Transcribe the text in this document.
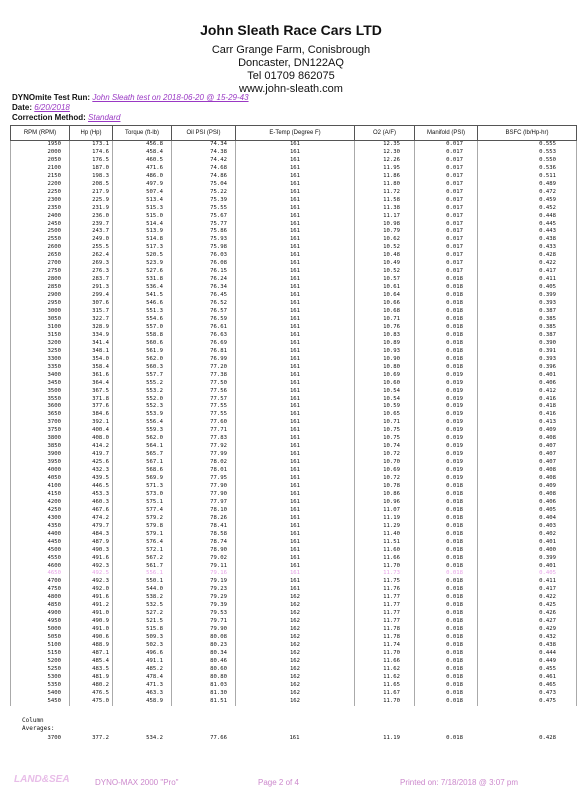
John Sleath Race Cars LTD
Carr Grange Farm, Conisbrough
Doncaster, DN122AQ
Tel 01709 862075
www.john-sleath.com
DYNOmite Test Run: John Sleath test on 2018-06-20 @ 15-29-43
Date: 6/20/2018
Correction Method: Standard
RPM (RPM)	Hp (Hp)	Torque (ft-lb)	Oil PSI (PSI)	E-Temp (Degree F)	O2 (A/F)	Manifold (PSI)	BSFC (lb/Hp-hr)
1950	173.1	456.8	74.34	161	12.35	0.017	0.555
2000	174.6	458.4	74.38	161	12.30	0.017	0.553
2050	176.5	460.5	74.42	161	12.26	0.017	0.550
2100	187.0	471.6	74.68	161	11.95	0.017	0.536
2150	198.3	486.0	74.86	161	11.86	0.017	0.511
2200	208.5	497.9	75.04	161	11.80	0.017	0.489
2250	217.9	507.4	75.22	161	11.72	0.017	0.472
2300	225.9	513.4	75.39	161	11.58	0.017	0.459
2350	231.9	515.3	75.55	161	11.38	0.017	0.452
2400	236.0	515.0	75.67	161	11.17	0.017	0.448
2450	239.7	514.4	75.77	161	10.98	0.017	0.445
2500	243.7	513.9	75.86	161	10.79	0.017	0.443
2550	249.0	514.8	75.93	161	10.62	0.017	0.438
2600	255.5	517.3	75.98	161	10.52	0.017	0.433
2650	262.4	520.5	76.03	161	10.48	0.017	0.428
2700	269.3	523.9	76.08	161	10.49	0.017	0.422
2750	276.3	527.6	76.15	161	10.52	0.017	0.417
2800	283.7	531.8	76.24	161	10.57	0.018	0.411
2850	291.3	536.4	76.34	161	10.61	0.018	0.405
2900	299.4	541.5	76.45	161	10.64	0.018	0.399
2950	307.6	546.6	76.52	161	10.66	0.018	0.393
3000	315.7	551.3	76.57	161	10.68	0.018	0.387
3050	322.7	554.6	76.59	161	10.71	0.018	0.385
3100	328.9	557.0	76.61	161	10.76	0.018	0.385
3150	334.9	558.8	76.63	161	10.83	0.018	0.387
3200	341.4	560.6	76.69	161	10.89	0.018	0.390
3250	348.1	561.9	76.81	161	10.93	0.018	0.391
3300	354.0	562.0	76.99	161	10.90	0.018	0.393
3350	358.4	560.3	77.20	161	10.80	0.018	0.396
3400	361.6	557.7	77.38	161	10.69	0.019	0.401
3450	364.4	555.2	77.50	161	10.60	0.019	0.406
3500	367.5	553.2	77.56	161	10.54	0.019	0.412
3550	371.8	552.0	77.57	161	10.54	0.019	0.416
3600	377.6	552.3	77.55	161	10.59	0.019	0.418
3650	384.6	553.9	77.55	161	10.65	0.019	0.416
3700	392.1	556.4	77.60	161	10.71	0.019	0.413
3750	400.4	559.3	77.71	161	10.75	0.019	0.409
3800	408.0	562.0	77.83	161	10.75	0.019	0.408
3850	414.2	564.1	77.92	161	10.74	0.019	0.407
3900	419.7	565.7	77.99	161	10.72	0.019	0.407
3950	425.6	567.1	78.02	161	10.70	0.019	0.407
4000	432.3	568.6	78.01	161	10.69	0.019	0.408
4050	439.5	569.9	77.95	161	10.72	0.019	0.408
4100	446.5	571.3	77.90	161	10.78	0.018	0.409
4150	453.3	573.0	77.90	161	10.86	0.018	0.408
4200	460.3	575.1	77.97	161	10.96	0.018	0.406
4250	467.6	577.4	78.10	161	11.07	0.018	0.405
4300	474.2	579.2	78.26	161	11.19	0.018	0.404
4350	479.7	579.8	78.41	161	11.29	0.018	0.403
4400	484.3	579.1	78.58	161	11.40	0.018	0.402
4450	487.9	576.4	78.74	161	11.51	0.018	0.401
4500	490.3	572.1	78.90	161	11.60	0.018	0.400
4550	491.6	567.2	79.02	161	11.66	0.018	0.399
4600	492.3	561.7	79.11	161	11.70	0.018	0.401
4650	492.5	556.1	79.16	161	11.73	0.018	0.405
4700	492.3	550.1	79.19	161	11.75	0.018	0.411
4750	492.0	544.0	79.23	161	11.76	0.018	0.417
4800	491.6	538.2	79.29	162	11.77	0.018	0.422
4850	491.2	532.5	79.39	162	11.77	0.018	0.425
4900	491.0	527.2	79.53	162	11.77	0.018	0.426
4950	490.9	521.5	79.71	162	11.77	0.018	0.427
5000	491.0	515.8	79.90	162	11.78	0.018	0.429
5050	490.6	509.3	80.08	162	11.78	0.018	0.432
5100	488.9	502.3	80.23	162	11.74	0.018	0.438
5150	487.1	496.6	80.34	162	11.70	0.018	0.444
5200	485.4	491.1	80.46	162	11.66	0.018	0.449
5250	483.5	485.2	80.60	162	11.62	0.018	0.455
5300	481.9	478.4	80.80	162	11.62	0.018	0.461
5350	480.2	471.3	81.03	162	11.65	0.018	0.465
5400	476.5	463.3	81.30	162	11.67	0.018	0.473
5450	475.0	458.9	81.51	162	11.70	0.018	0.475
Column
Averages:
3700	377.2	534.2	77.66	161	11.19	0.018	0.428
LAND&SEA	DYNO-MAX 2000 "Pro"	Page 2 of 4	Printed on: 7/18/2018 @ 3:07 pm
